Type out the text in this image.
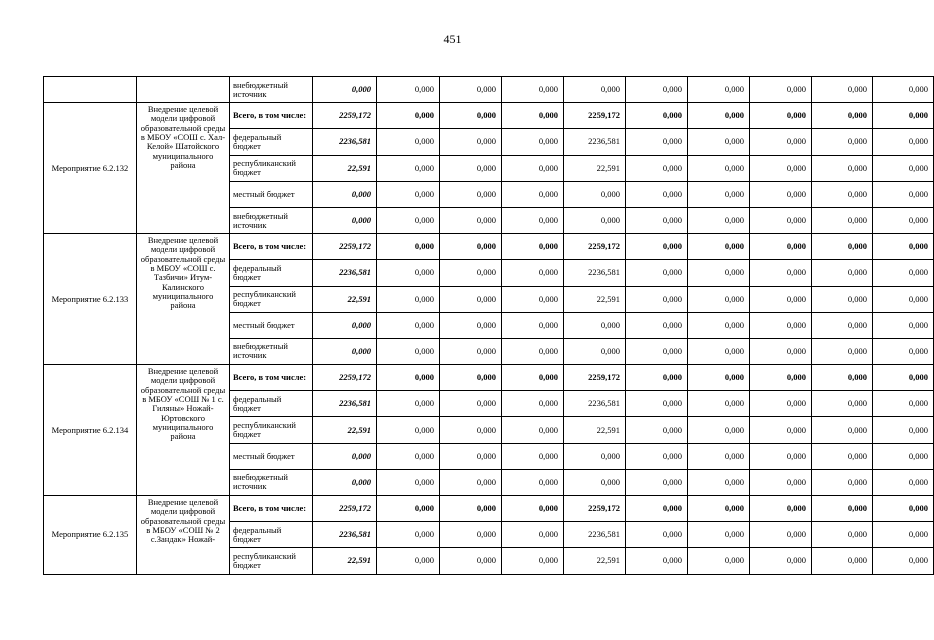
451
		внебюджетный источник	0,000	0,000	0,000	0,000	0,000	0,000	0,000	0,000	0,000	0,000
Мероприятие 6.2.132	Внедрение целевой модели цифровой образовательной среды в МБОУ «СОШ с. Хал-Келой» Шатойского муниципального района	Всего, в том числе:	2259,172	0,000	0,000	0,000	2259,172	0,000	0,000	0,000	0,000	0,000
		федеральный бюджет	2236,581	0,000	0,000	0,000	2236,581	0,000	0,000	0,000	0,000	0,000
		республиканский бюджет	22,591	0,000	0,000	0,000	22,591	0,000	0,000	0,000	0,000	0,000
		местный бюджет	0,000	0,000	0,000	0,000	0,000	0,000	0,000	0,000	0,000	0,000
		внебюджетный источник	0,000	0,000	0,000	0,000	0,000	0,000	0,000	0,000	0,000	0,000
Мероприятие 6.2.133	Внедрение целевой модели цифровой образовательной среды в МБОУ «СОШ с. Тазбичи» Итум-Калинского муниципального района	Всего, в том числе:	2259,172	0,000	0,000	0,000	2259,172	0,000	0,000	0,000	0,000	0,000
		федеральный бюджет	2236,581	0,000	0,000	0,000	2236,581	0,000	0,000	0,000	0,000	0,000
		республиканский бюджет	22,591	0,000	0,000	0,000	22,591	0,000	0,000	0,000	0,000	0,000
		местный бюджет	0,000	0,000	0,000	0,000	0,000	0,000	0,000	0,000	0,000	0,000
		внебюджетный источник	0,000	0,000	0,000	0,000	0,000	0,000	0,000	0,000	0,000	0,000
Мероприятие 6.2.134	Внедрение целевой модели цифровой образовательной среды в МБОУ «СОШ № 1 с. Гиляны» Ножай-Юртовского муниципального района	Всего, в том числе:	2259,172	0,000	0,000	0,000	2259,172	0,000	0,000	0,000	0,000	0,000
		федеральный бюджет	2236,581	0,000	0,000	0,000	2236,581	0,000	0,000	0,000	0,000	0,000
		республиканский бюджет	22,591	0,000	0,000	0,000	22,591	0,000	0,000	0,000	0,000	0,000
		местный бюджет	0,000	0,000	0,000	0,000	0,000	0,000	0,000	0,000	0,000	0,000
		внебюджетный источник	0,000	0,000	0,000	0,000	0,000	0,000	0,000	0,000	0,000	0,000
Мероприятие 6.2.135	Внедрение целевой модели цифровой образовательной среды в МБОУ «СОШ № 2 с.Зандак» Ножай-	Всего, в том числе:	2259,172	0,000	0,000	0,000	2259,172	0,000	0,000	0,000	0,000	0,000
		федеральный бюджет	2236,581	0,000	0,000	0,000	2236,581	0,000	0,000	0,000	0,000	0,000
		республиканский бюджет	22,591	0,000	0,000	0,000	22,591	0,000	0,000	0,000	0,000	0,000
